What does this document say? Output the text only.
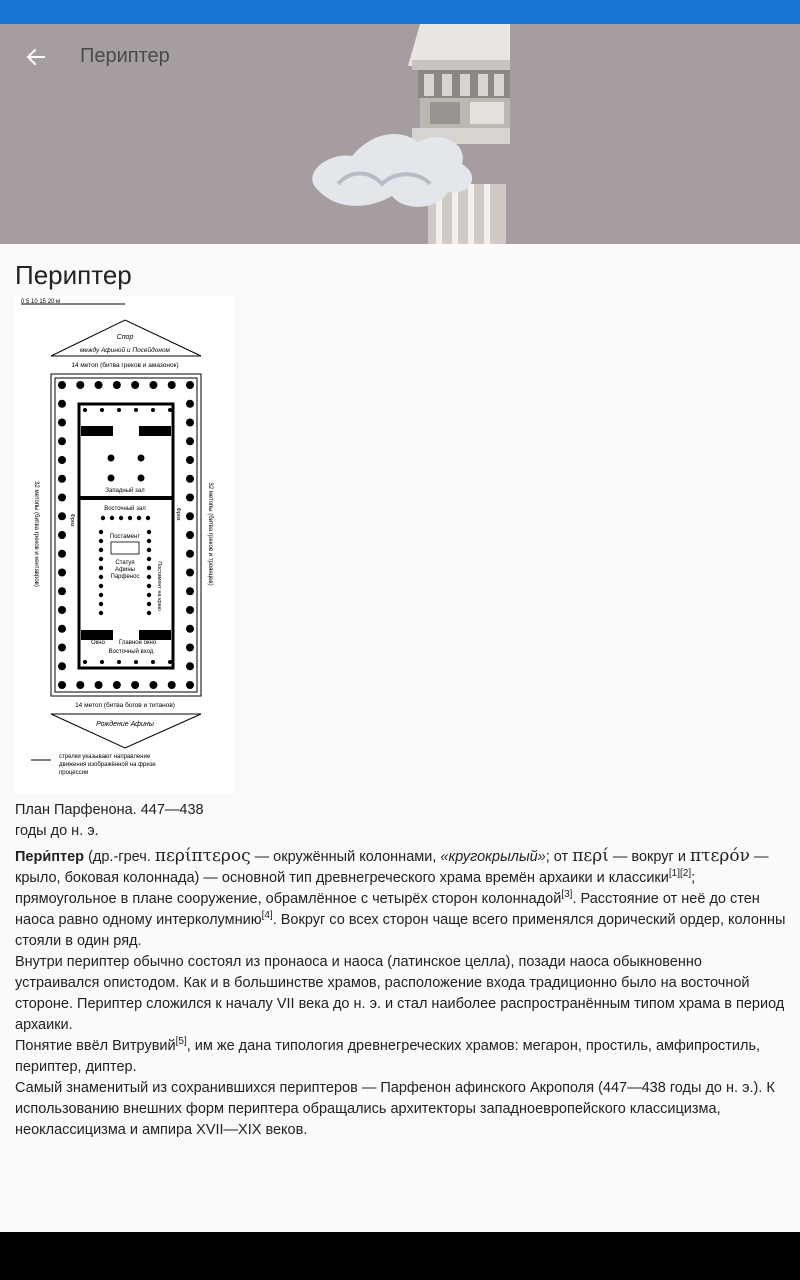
Периптер
Периптер
0 5 10 15 20 м
Спор
между Афиной и Посейдоном
14 метоп (битва греков и амазонок)
Западный зал
Восточный зал
Постамент
Статуя
Афины
Парфенос
Окно Главное окно
Восточный вход
32 метопы (битва греков и кентавров)	32 метопы (битва греков и троянцев)
Фриз	Фриз
Постамент на краю
14 метоп (битва богов и титанов)
Рождение Афины
стрелки указывают направление
движения изображённой на фризе
процессии
План Парфенона. 447—438 годы до н. э.

Пери́птер (др.-греч. περίπτερος — окружённый колоннами, «кругокрылый»; от περί — вокруг и πτερόν — крыло, боковая колоннада) — основной тип древнегреческого храма времён архаики и классики[1][2]; прямоугольное в плане сооружение, обрамлённое с четырёх сторон колоннадой[3]. Расстояние от неё до стен наоса равно одному интерколумнию[4]. Вокруг со всех сторон чаще всего применялся дорический ордер, колонны стояли в один ряд.

Внутри периптер обычно состоял из пронаоса и наоса (латинское целла), позади наоса обыкновенно устраивался опистодом. Как и в большинстве храмов, расположение входа традиционно было на восточной стороне. Периптер сложился к началу VII века до н. э. и стал наиболее распространённым типом храма в период архаики.

Понятие ввёл Витрувий[5], им же дана типология древнегреческих храмов: мегарон, простиль, амфипростиль, периптер, диптер.

Самый знаменитый из сохранившихся периптеров — Парфенон афинского Акрополя (447—438 годы до н. э.). К использованию внешних форм периптера обращались архитекторы западноевропейского классицизма, неоклассицизма и ампира XVII—XIX веков.
